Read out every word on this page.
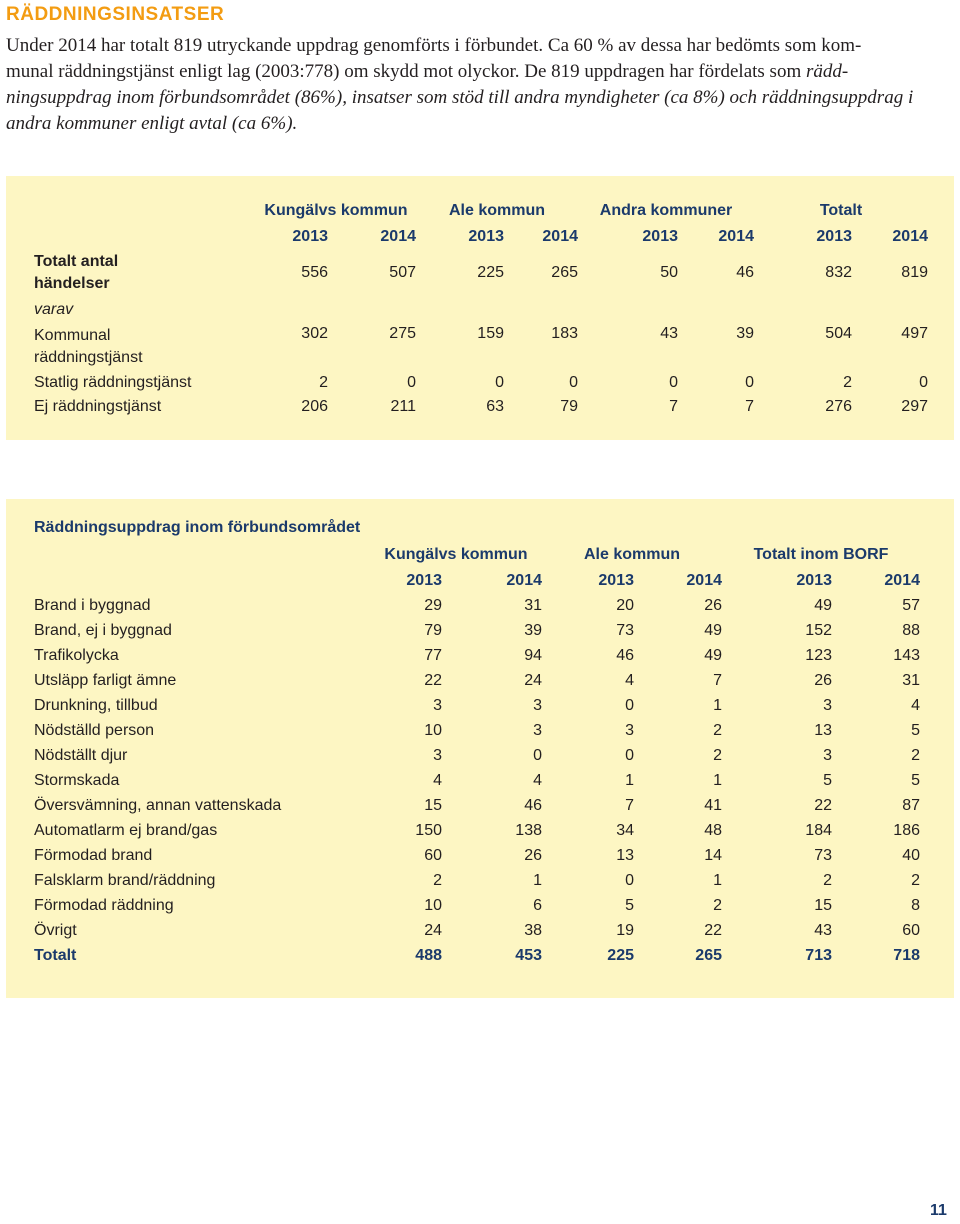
RÄDDNINGSINSATSER

Under 2014 har totalt 819 utryckande uppdrag genomförts i förbundet. Ca 60 % av dessa har bedömts som kom-
munal räddningstjänst enligt lag (2003:778) om skydd mot olyckor. De 819 uppdragen har fördelats som rädd-
ningsuppdrag inom förbundsområdet (86%), insatser som stöd till andra myndigheter (ca 8%) och räddningsuppdrag i
andra kommuner enligt avtal (ca 6%).

	Kungälvs kommun		Ale kommun		Andra kommuner		Totalt	
	2013	2014	2013	2014	2013	2014	2013	2014
Totalt antal
händelser	556	507	225	265	50	46	832	819
varav								
Kommunal
räddningstjänst	302	275	159	183	43	39	504	497
Statlig räddningstjänst	2	0	0	0	0	0	2	0
Ej räddningstjänst	206	211	63	79	7	7	276	297
Räddningsuppdrag inom förbundsområdet
	Kungälvs kommun		Ale kommun		Totalt inom BORF	
	2013	2014	2013	2014	2013	2014
Brand i byggnad	29	31	20	26	49	57
Brand, ej i byggnad	79	39	73	49	152	88
Trafikolycka	77	94	46	49	123	143
Utsläpp farligt ämne	22	24	4	7	26	31
Drunkning, tillbud	3	3	0	1	3	4
Nödställd person	10	3	3	2	13	5
Nödställt djur	3	0	0	2	3	2
Stormskada	4	4	1	1	5	5
Översvämning, annan vattenskada	15	46	7	41	22	87
Automatlarm ej brand/gas	150	138	34	48	184	186
Förmodad brand	60	26	13	14	73	40
Falsklarm brand/räddning	2	1	0	1	2	2
Förmodad räddning	10	6	5	2	15	8
Övrigt	24	38	19	22	43	60
Totalt	488	453	225	265	713	718
11
